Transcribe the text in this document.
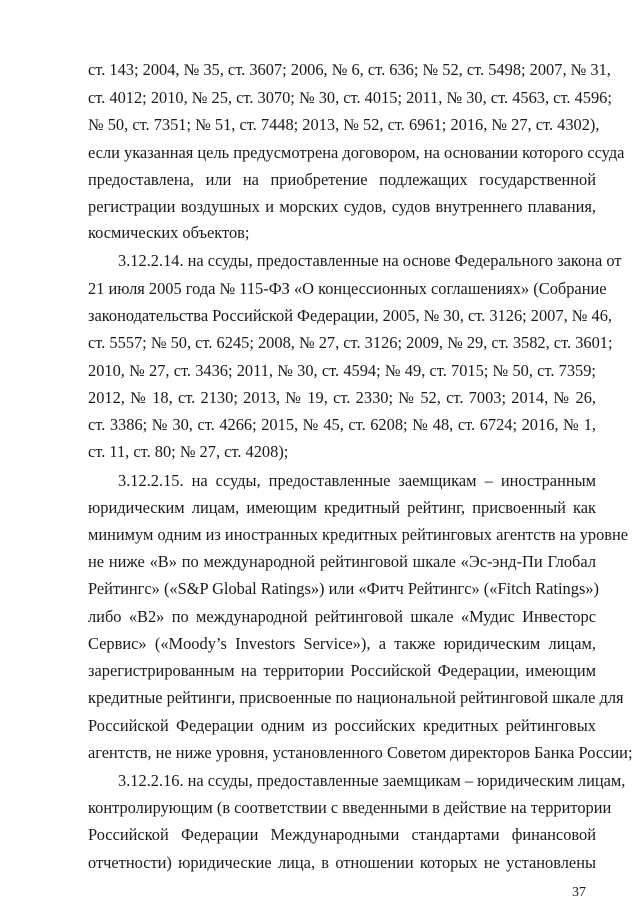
ст. 143; 2004, № 35, ст. 3607; 2006, № 6, ст. 636; № 52, ст. 5498; 2007, № 31,
ст. 4012; 2010, № 25, ст. 3070; № 30, ст. 4015; 2011, № 30, ст. 4563, ст. 4596;
№ 50, ст. 7351; № 51, ст. 7448; 2013, № 52, ст. 6961; 2016, № 27, ст. 4302),
если указанная цель предусмотрена договором, на основании которого ссуда
предоставлена, или на приобретение подлежащих государственной
регистрации воздушных и морских судов, судов внутреннего плавания,
космических объектов;
3.12.2.14. на ссуды, предоставленные на основе Федерального закона от
21 июля 2005 года № 115-ФЗ «О концессионных соглашениях» (Собрание
законодательства Российской Федерации, 2005, № 30, ст. 3126; 2007, № 46,
ст. 5557; № 50, ст. 6245; 2008, № 27, ст. 3126; 2009, № 29, ст. 3582, ст. 3601;
2010, № 27, ст. 3436; 2011, № 30, ст. 4594; № 49, ст. 7015; № 50, ст. 7359;
2012, № 18, ст. 2130; 2013, № 19, ст. 2330; № 52, ст. 7003; 2014, № 26,
ст. 3386; № 30, ст. 4266; 2015, № 45, ст. 6208; № 48, ст. 6724; 2016, № 1,
ст. 11, ст. 80; № 27, ст. 4208);
3.12.2.15. на ссуды, предоставленные заемщикам – иностранным
юридическим лицам, имеющим кредитный рейтинг, присвоенный как
минимум одним из иностранных кредитных рейтинговых агентств на уровне
не ниже «B» по международной рейтинговой шкале «Эс-энд-Пи Глобал
Рейтингс» («S&P Global Ratings») или «Фитч Рейтингс» («Fitch Ratings»)
либо «B2» по международной рейтинговой шкале «Мудис Инвесторс
Сервис» («Moody’s Investors Service»), а также юридическим лицам,
зарегистрированным на территории Российской Федерации, имеющим
кредитные рейтинги, присвоенные по национальной рейтинговой шкале для
Российской Федерации одним из российских кредитных рейтинговых
агентств, не ниже уровня, установленного Советом директоров Банка России;
3.12.2.16. на ссуды, предоставленные заемщикам – юридическим лицам,
контролирующим (в соответствии с введенными в действие на территории
Российской Федерации Международными стандартами финансовой
отчетности) юридические лица, в отношении которых не установлены
37
